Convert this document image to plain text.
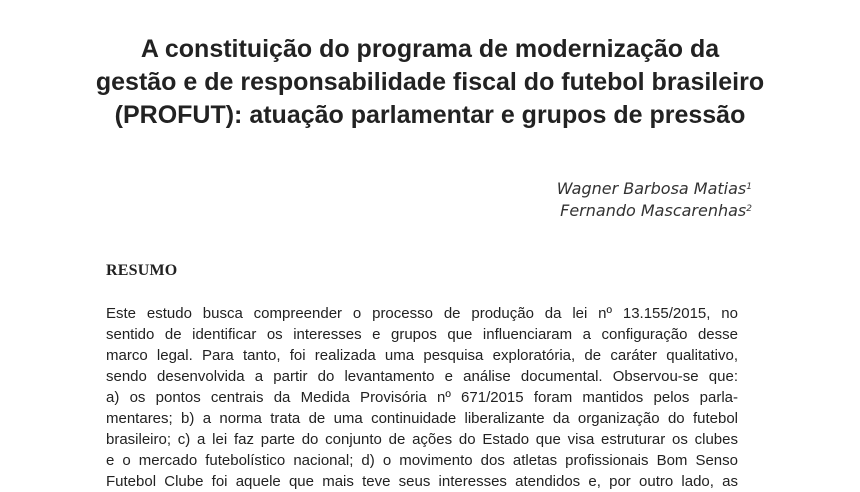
A constituição do programa de modernização da
gestão e de responsabilidade fiscal do futebol brasileiro
(PROFUT): atuação parlamentar e grupos de pressão
Wagner Barbosa Matias$^1$
Fernando Mascarenhas$^2$
RESUMO
Este estudo busca compreender o processo de produção da lei nº 13.155/2015, no
sentido de identificar os interesses e grupos que influenciaram a configuração desse
marco legal. Para tanto, foi realizada uma pesquisa exploratória, de caráter qualitativo,
sendo desenvolvida a partir do levantamento e análise documental. Observou-se que:
a) os pontos centrais da Medida Provisória nº 671/2015 foram mantidos pelos parla-
mentares; b) a norma trata de uma continuidade liberalizante da organização do futebol
brasileiro; c) a lei faz parte do conjunto de ações do Estado que visa estruturar os clubes
e o mercado futebolístico nacional; d) o movimento dos atletas profissionais Bom Senso
Futebol Clube foi aquele que mais teve seus interesses atendidos e, por outro lado, as
